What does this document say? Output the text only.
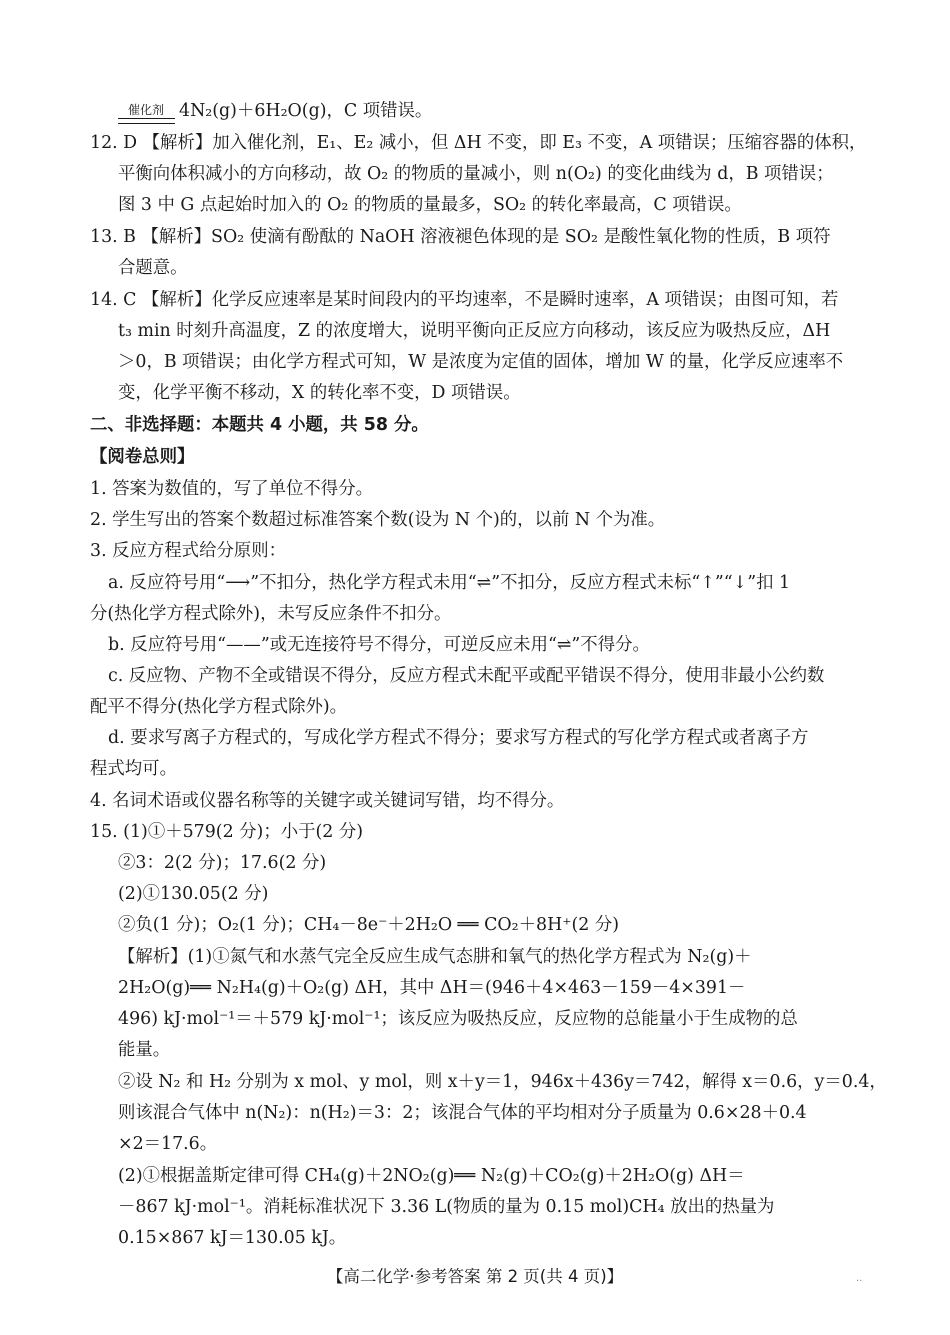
催化剂 4N₂(g)＋6H₂O(g)，C 项错误。
12. D 【解析】加入催化剂，E₁、E₂ 减小，但 ΔH 不变，即 E₃ 不变，A 项错误；压缩容器的体积，
平衡向体积减小的方向移动，故 O₂ 的物质的量减小，则 n(O₂) 的变化曲线为 d，B 项错误；
图 3 中 G 点起始时加入的 O₂ 的物质的量最多，SO₂ 的转化率最高，C 项错误。
13. B 【解析】SO₂ 使滴有酚酞的 NaOH 溶液褪色体现的是 SO₂ 是酸性氧化物的性质，B 项符
合题意。
14. C 【解析】化学反应速率是某时间段内的平均速率，不是瞬时速率，A 项错误；由图可知，若
t₃ min 时刻升高温度，Z 的浓度增大，说明平衡向正反应方向移动，该反应为吸热反应，ΔH
＞0，B 项错误；由化学方程式可知，W 是浓度为定值的固体，增加 W 的量，化学反应速率不
变，化学平衡不移动，X 的转化率不变，D 项错误。
二、非选择题：本题共 4 小题，共 58 分。
【阅卷总则】
1. 答案为数值的，写了单位不得分。
2. 学生写出的答案个数超过标准答案个数(设为 N 个)的，以前 N 个为准。
3. 反应方程式给分原则：
a. 反应符号用“⟶”不扣分，热化学方程式未用“⇌”不扣分，反应方程式未标“↑”“↓”扣 1
分(热化学方程式除外)，未写反应条件不扣分。
b. 反应符号用“——”或无连接符号不得分，可逆反应未用“⇌”不得分。
c. 反应物、产物不全或错误不得分，反应方程式未配平或配平错误不得分，使用非最小公约数
配平不得分(热化学方程式除外)。
d. 要求写离子方程式的，写成化学方程式不得分；要求写方程式的写化学方程式或者离子方
程式均可。
4. 名词术语或仪器名称等的关键字或关键词写错，均不得分。
15. (1)①＋579(2 分)；小于(2 分)
②3：2(2 分)；17.6(2 分)
(2)①130.05(2 分)
②负(1 分)；O₂(1 分)；CH₄－8e⁻＋2H₂O ══ CO₂＋8H⁺(2 分)
【解析】(1)①氮气和水蒸气完全反应生成气态肼和氧气的热化学方程式为 N₂(g)＋
2H₂O(g)══ N₂H₄(g)＋O₂(g) ΔH，其中 ΔH＝(946＋4×463－159－4×391－
496) kJ·mol⁻¹＝＋579 kJ·mol⁻¹；该反应为吸热反应，反应物的总能量小于生成物的总
能量。
②设 N₂ 和 H₂ 分别为 x mol、y mol，则 x＋y＝1，946x＋436y＝742，解得 x＝0.6，y＝0.4，
则该混合气体中 n(N₂)：n(H₂)＝3：2；该混合气体的平均相对分子质量为 0.6×28＋0.4
×2＝17.6。
(2)①根据盖斯定律可得 CH₄(g)＋2NO₂(g)══ N₂(g)＋CO₂(g)＋2H₂O(g) ΔH＝
－867 kJ·mol⁻¹。消耗标准状况下 3.36 L(物质的量为 0.15 mol)CH₄ 放出的热量为
0.15×867 kJ＝130.05 kJ。
【高二化学·参考答案 第 2 页(共 4 页)】	..
